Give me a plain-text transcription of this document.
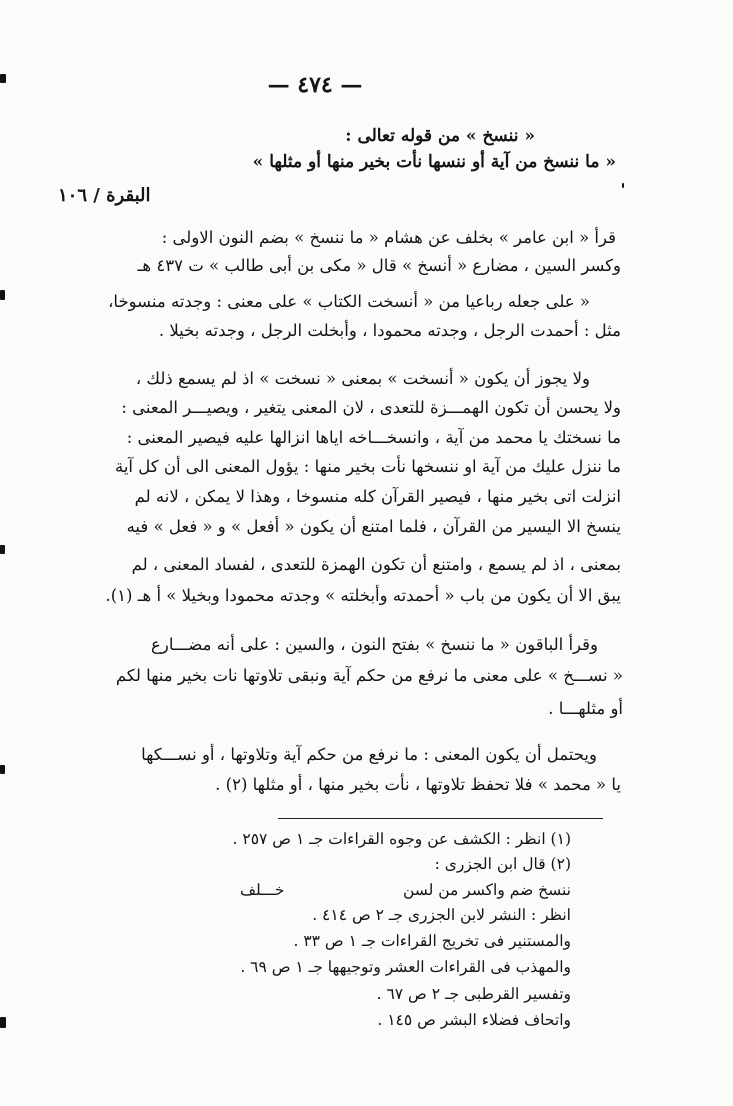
— ٤٧٤ —
« ننسخ » من قوله تعالى :
« ما ننسخ من آية أو ننسها نأت بخير منها أو مثلها »
البقرة / ١٠٦
قرأ « ابن عامر » بخلف عن هشام « ما ننسخ » بضم النون الاولى :
وكسر السين ، مضارع « أنسخ » قال « مكى بن أبى طالب » ت ٤٣٧ هـ
« على جعله رباعيا من « أنسخت الكتاب » على معنى : وجدته منسوخا،
مثل : أحمدت الرجل ، وجدته محمودا ، وأبخلت الرجل ، وجدته بخيلا .
ولا يجوز أن يكون « أنسخت » بمعنى « نسخت » اذ لم يسمع ذلك ،
ولا يحسن أن تكون الهمـــزة للتعدى ، لان المعنى يتغير ، ويصيـــر المعنى :
ما نسختك يا محمد من آية ، وانسخـــاخه اياها انزالها عليه فيصير المعنى :
ما ننزل عليك من آية او ننسخها نأت بخير منها : يؤول المعنى الى أن كل آية
انزلت اتى بخير منها ، فيصير القرآن كله منسوخا ، وهذا لا يمكن ، لانه لم
ينسخ الا اليسير من القرآن ، فلما امتنع أن يكون « أفعل » و « فعل » فيه
بمعنى ، اذ لم يسمع ، وامتنع أن تكون الهمزة للتعدى ، لفساد المعنى ، لم
يبق الا أن يكون من باب « أحمدته وأبخلته » وجدته محمودا وبخيلا » أ هـ (١).
وقرأ الباقون « ما ننسخ » بفتح النون ، والسين : على أنه مضـــارع
« نســـخ » على معنى ما نرفع من حكم آية ونبقى تلاوتها نات بخير منها لكم
أو مثلهـــا .
ويحتمل أن يكون المعنى : ما نرفع من حكم آية وتلاوتها ، أو نســـكها
يا « محمد » فلا تحفظ تلاوتها ، نأت بخير منها ، أو مثلها (٢) .
(١) انظر : الكشف عن وجوه القراءات جـ ١ ص ٢٥٧ .
(٢) قال ابن الجزرى :
ننسخ ضم واكسر من لسن
خـــلف
انظر : النشر لابن الجزرى جـ ٢ ص ٤١٤ .
والمستنير فى تخريج القراءات جـ ١ ص ٣٣ .
والمهذب فى القراءات العشر وتوجيهها جـ ١ ص ٦٩ .
وتفسير القرطبى جـ ٢ ص ٦٧ .
واتحاف فضلاء البشر ص ١٤٥ .
